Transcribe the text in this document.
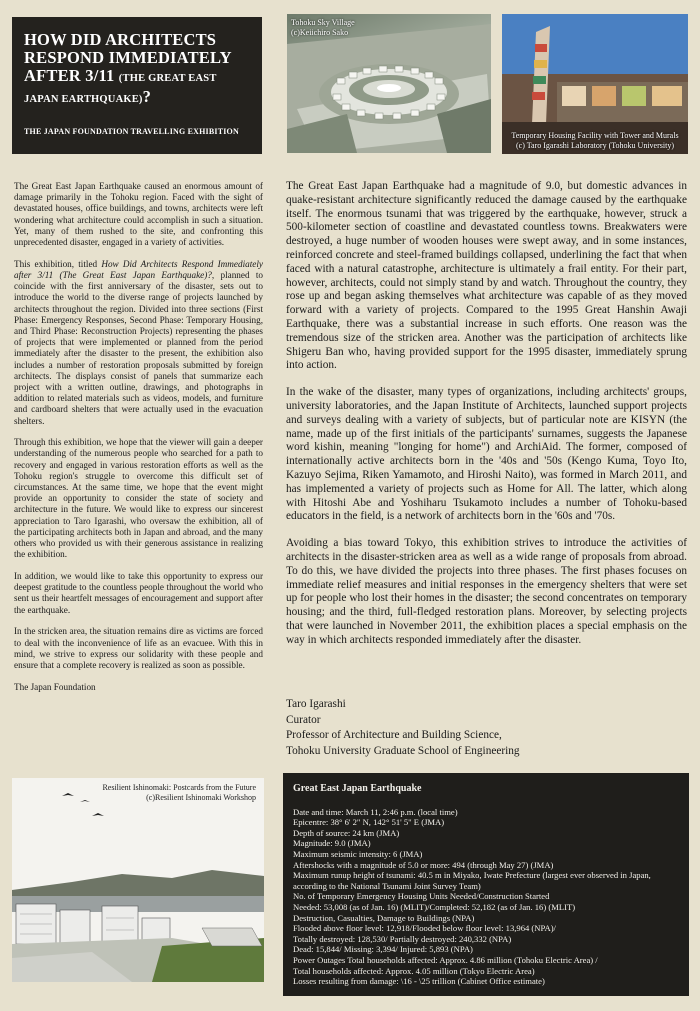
HOW DID ARCHITECTS
RESPOND IMMEDIATELY
AFTER 3/11 (THE GREAT EAST
JAPAN EARTHQUAKE)?
THE JAPAN FOUNDATION TRAVELLING EXHIBITION
Tohoku Sky Village
(c)Keiichiro Sako
Temporary Housing Facility with Tower and Murals
(c) Taro Igarashi Laboratory (Tohoku University)

The Great East Japan Earthquake caused an enormous amount of damage primarily in the Tohoku region. Faced with the sight of devastated houses, office buildings, and towns, architects were left wondering what architecture could accomplish in such a situation. Yet, many of them rushed to the site, and confronting this unprecedented disaster, engaged in a variety of activities.

This exhibition, titled How Did Architects Respond Immediately after 3/11 (The Great East Japan Earthquake)?, planned to coincide with the first anniversary of the disaster, sets out to introduce the world to the diverse range of projects launched by architects throughout the region. Divided into three sections (First Phase: Emergency Responses, Second Phase: Temporary Housing, and Third Phase: Reconstruction Projects) representing the phases of projects that were implemented or planned from the period immediately after the disaster to the present, the exhibition also includes a number of restoration proposals submitted by foreign architects. The displays consist of panels that summarize each project with a written outline, drawings, and photographs in addition to related materials such as videos, models, and furniture and cardboard shelters that were actually used in the evacuation shelters.

Through this exhibition, we hope that the viewer will gain a deeper understanding of the numerous people who searched for a path to recovery and engaged in various restoration efforts as well as the Tohoku region's struggle to overcome this difficult set of circumstances. At the same time, we hope that the event might provide an opportunity to consider the state of society and architecture in the future. We would like to express our sincerest appreciation to Taro Igarashi, who oversaw the exhibition, all of the participating architects both in Japan and abroad, and the many others who provided us with their generous assistance in realizing the exhibition.

In addition, we would like to take this opportunity to express our deepest gratitude to the countless people throughout the world who sent us their heartfelt messages of encouragement and support after the earthquake.

In the stricken area, the situation remains dire as victims are forced to deal with the inconvenience of life as an evacuee. With this in mind, we strive to express our solidarity with these people and ensure that a complete recovery is realized as soon as possible.

The Japan Foundation

The Great East Japan Earthquake had a magnitude of 9.0, but domestic advances in quake-resistant architecture significantly reduced the damage caused by the earthquake itself. The enormous tsunami that was triggered by the earthquake, however, struck a 500-kilometer section of coastline and devastated countless towns. Breakwaters were destroyed, a huge number of wooden houses were swept away, and in some instances, reinforced concrete and steel-framed buildings collapsed, underlining the fact that when faced with a natural catastrophe, architecture is ultimately a frail entity. For their part, however, architects, could not simply stand by and watch. Throughout the country, they rose up and began asking themselves what architecture was capable of as they moved forward with a variety of projects. Compared to the 1995 Great Hanshin Awaji Earthquake, there was a substantial increase in such efforts. One reason was the tremendous size of the stricken area. Another was the participation of architects like Shigeru Ban who, having provided support for the 1995 disaster, immediately sprung into action.

In the wake of the disaster, many types of organizations, including architects' groups, university laboratories, and the Japan Institute of Architects, launched support projects and surveys dealing with a variety of subjects, but of particular note are KISYN (the name, made up of the first initials of the participants' surnames, suggests the Japanese word kishin, meaning "longing for home") and ArchiAid. The former, composed of internationally active architects born in the '40s and '50s (Kengo Kuma, Toyo Ito, Kazuyo Sejima, Riken Yamamoto, and Hiroshi Naito), was formed in March 2011, and has implemented a variety of projects such as Home for All. The latter, which along with Hitoshi Abe and Yoshiharu Tsukamoto includes a number of Tohoku-based educators in the field, is a network of architects born in the '60s and '70s.

Avoiding a bias toward Tokyo, this exhibition strives to introduce the activities of architects in the disaster-stricken area as well as a wide range of proposals from abroad. To do this, we have divided the projects into three phases. The first phases focuses on immediate relief measures and initial responses in the emergency shelters that were set up for people who lost their homes in the disaster; the second concentrates on temporary housing; and the third, full-fledged restoration plans. Moreover, by selecting projects that were launched in November 2011, the exhibition places a special emphasis on the way in which architects responded immediately after the disaster.

Taro Igarashi
Curator
Professor of Architecture and Building Science,
Tohoku University Graduate School of Engineering
Resilient Ishinomaki: Postcards from the Future
(c)Resilient Ishinomaki Workshop
Great East Japan Earthquake
Date and time: March 11, 2:46 p.m. (local time)
Epicentre: 38° 6' 2" N, 142° 51' 5" E (JMA)
Depth of source: 24 km (JMA)
Magnitude: 9.0 (JMA)
Maximum seismic intensity: 6 (JMA)
Aftershocks with a magnitude of 5.0 or more: 494 (through May 27) (JMA)
Maximum runup height of tsunami: 40.5 m in Miyako, Iwate Prefecture (largest ever observed in Japan, according to the National Tsunami Joint Survey Team)
No. of Temporary Emergency Housing Units Needed/Construction Started
Needed: 53,008 (as of Jan. 16) (MLIT)/Completed: 52,182 (as of Jan. 16) (MLIT)
Destruction, Casualties, Damage to Buildings (NPA)
Flooded above floor level: 12,918/Flooded below floor level: 13,964 (NPA)/
Totally destroyed: 128,530/ Partially destroyed: 240,332 (NPA)
Dead: 15,844/ Missing: 3,394/ Injured: 5,893 (NPA)
Power Outages Total households affected: Approx. 4.86 million (Tohoku Electric Area) /
Total households affected: Approx. 4.05 million (Tokyo Electric Area)
Losses resulting from damage: \16 - \25 trillion (Cabinet Office estimate)
